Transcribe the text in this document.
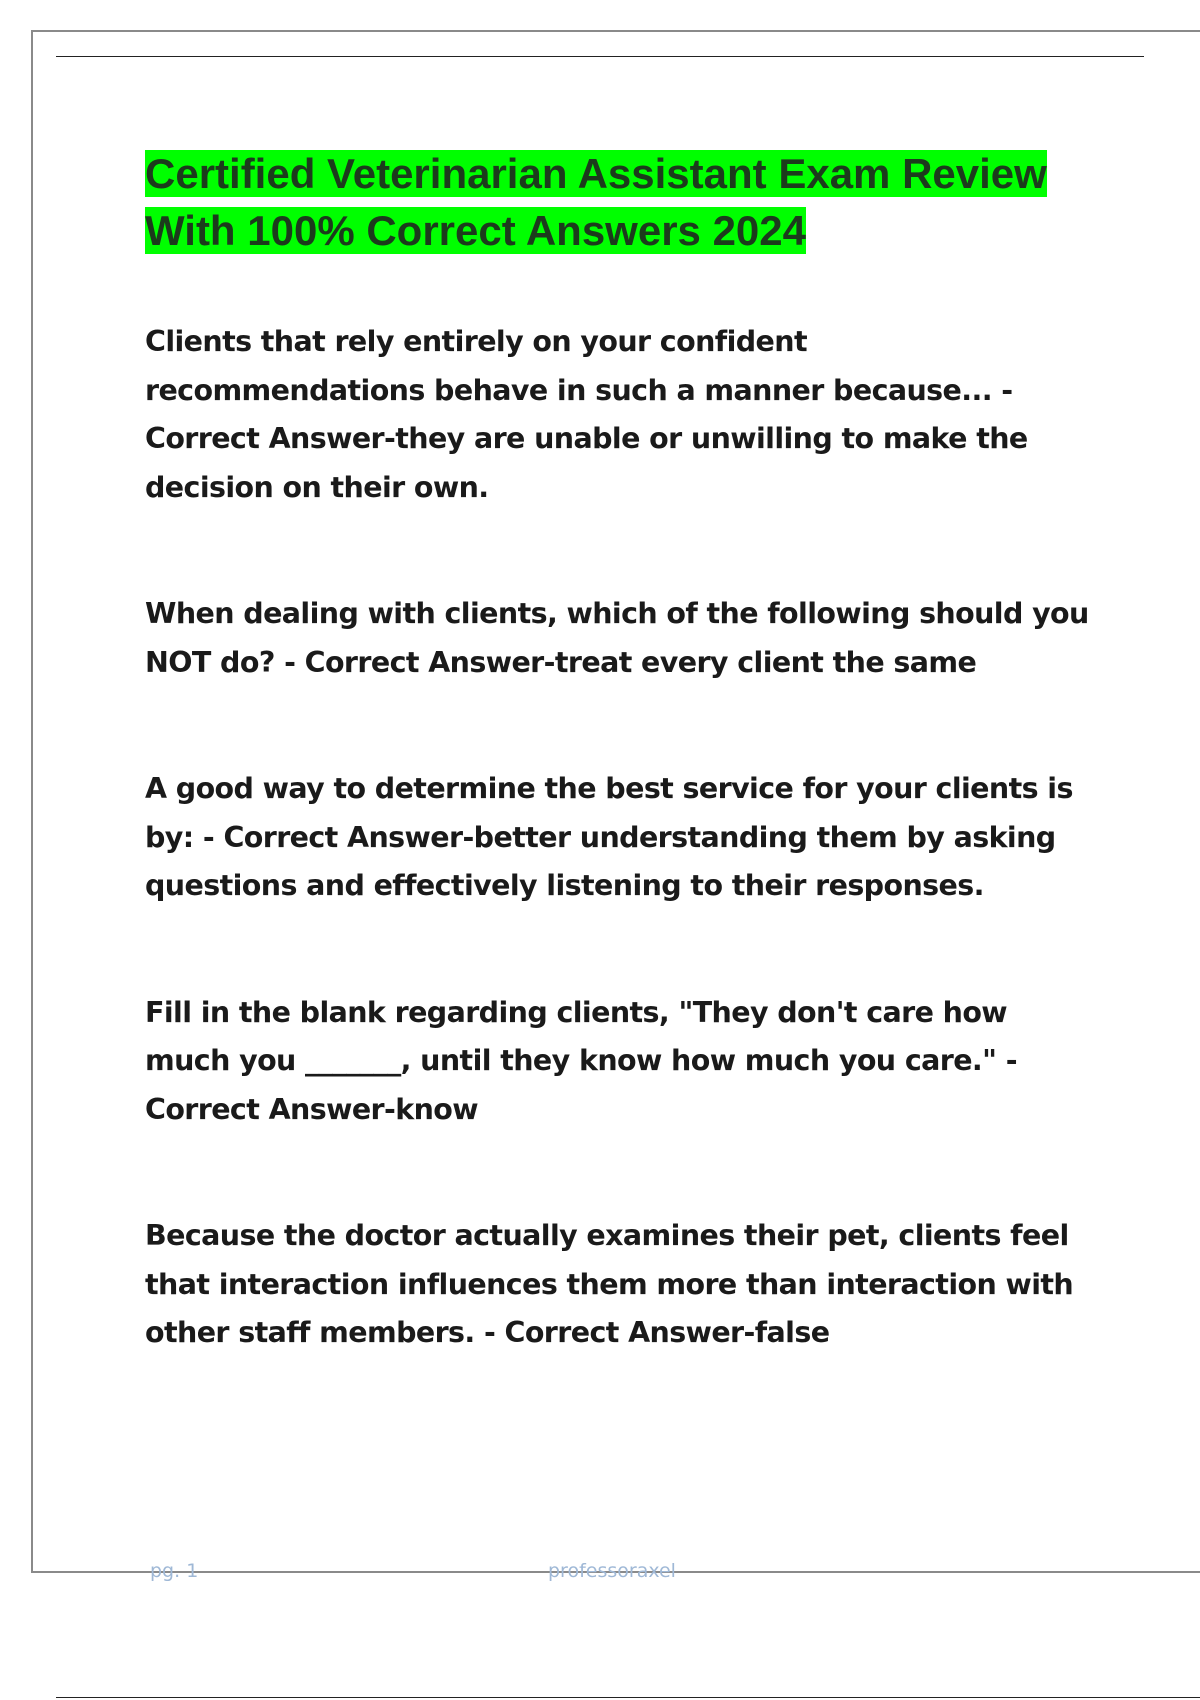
Certified Veterinarian Assistant Exam Review With 100% Correct Answers 2024
Clients that rely entirely on your confident recommendations behave in such a manner because... - Correct Answer-they are unable or unwilling to make the decision on their own.
When dealing with clients, which of the following should you NOT do? - Correct Answer-treat every client the same
A good way to determine the best service for your clients is by: - Correct Answer-better understanding them by asking questions and effectively listening to their responses.
Fill in the blank regarding clients, "They don't care how much you _______, until they know how much you care." - Correct Answer-know
Because the doctor actually examines their pet, clients feel that interaction influences them more than interaction with other staff members. - Correct Answer-false
pg. 1	professoraxel
